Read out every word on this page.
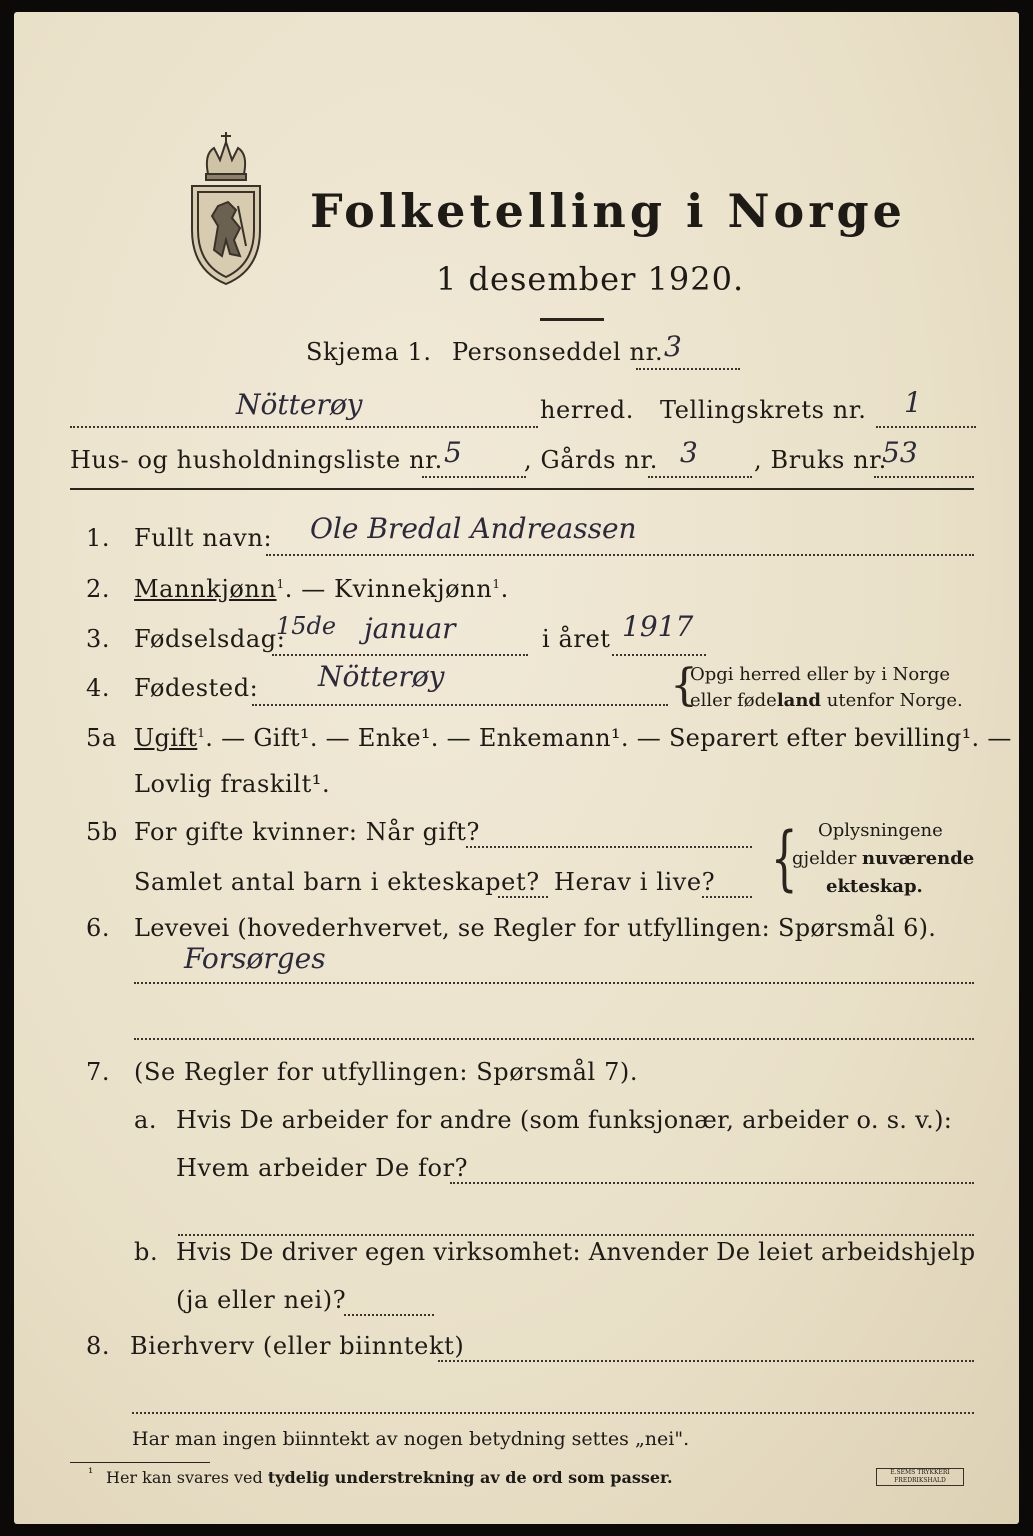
Folketelling i Norge
1 desember 1920.
Skjema 1. Personseddel nr. 3
Nötterøy	herred. Tellingskrets nr. 1
Hus- og husholdningsliste nr. 5	, Gårds nr. 3 , Bruks nr.
53
1. Fullt navn: Ole Bredal Andreassen
2. Mannkjønn$^1$. — Kvinnekjønn$^1$.
3. Fødselsdag:
15de januar	i året 1917
4. Fødested: Nötterøy	{
Opgi herred eller by i Norge
eller fødeland utenfor Norge.
5a Ugift$^1$. — Gift¹. — Enke¹. — Enkemann¹. — Separert efter bevilling¹. —
Lovlig fraskilt¹.
5b For gifte kvinner: Når gift?
Samlet antal barn i ekteskapet? Herav i live? { Oplysningene
gjelder nuværende
ekteskap.
6. Levevei (hovederhvervet, se Regler for utfyllingen: Spørsmål 6).
Forsørges
7. (Se Regler for utfyllingen: Spørsmål 7).
a. Hvis De arbeider for andre (som funksjonær, arbeider o. s. v.):
Hvem arbeider De for?
b. Hvis De driver egen virksomhet: Anvender De leiet arbeidshjelp
(ja eller nei)?
8. Bierhverv (eller biinntekt)
Har man ingen biinntekt av nogen betydning settes „nei".
¹ Her kan svares ved tydelig understrekning av de ord som passer.	E.SEMS TRYKKERI FREDRIKSHALD
